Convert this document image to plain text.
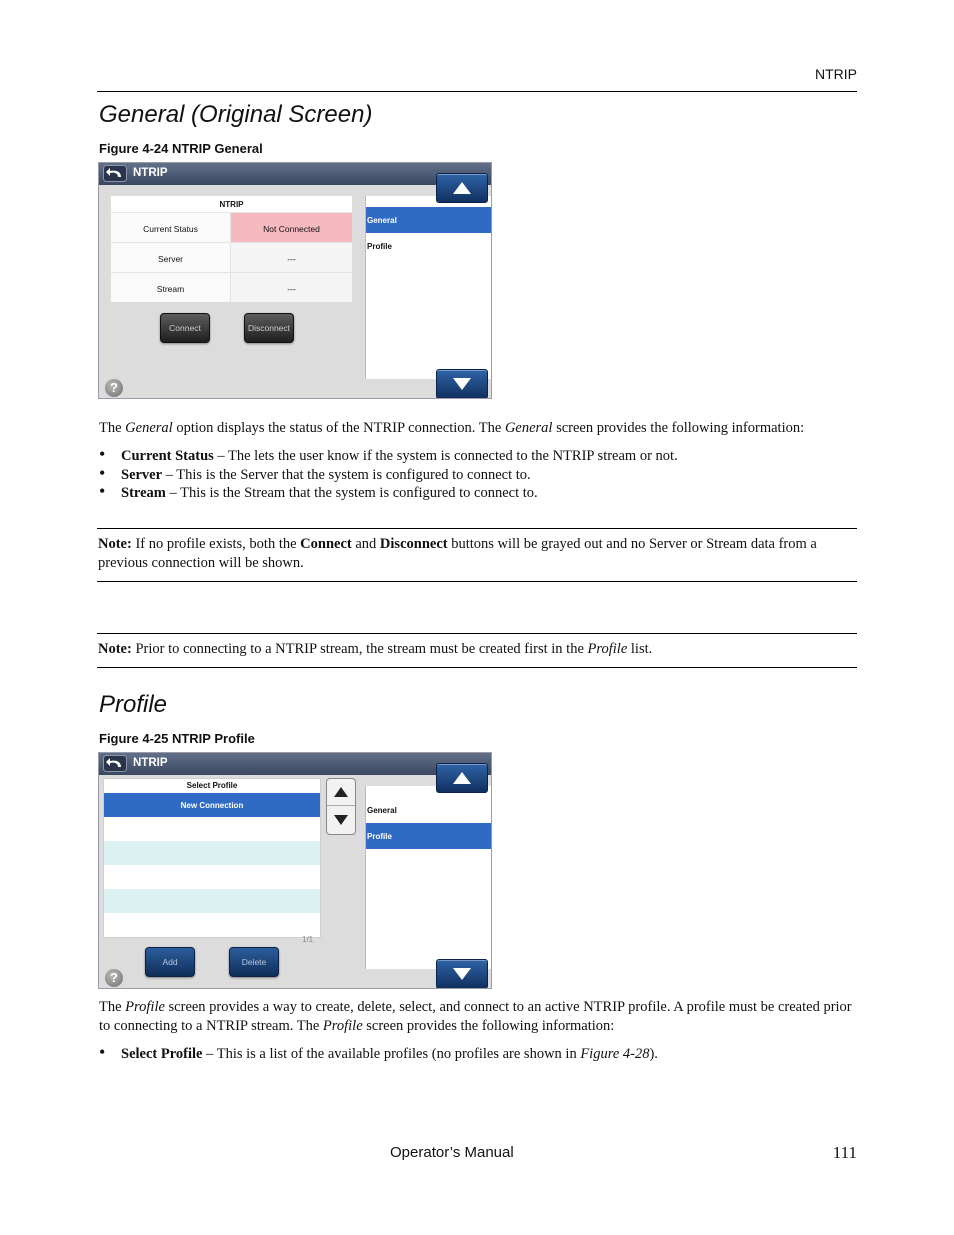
NTRIP
General (Original Screen)
Figure 4-24 NTRIP General
NTRIP
NTRIP
Current Status	Not Connected
Server	---
Stream	---
Connect	Disconnect
General
Profile
?
The General option displays the status of the NTRIP connection. The General screen provides the following information:
• Current Status – The lets the user know if the system is connected to the NTRIP stream or not.
• Server – This is the Server that the system is configured to connect to.
• Stream – This is the Stream that the system is configured to connect to.
Note: If no profile exists, both the Connect and Disconnect buttons will be grayed out and no Server or Stream data from a previous connection will be shown.
Note: Prior to connecting to a NTRIP stream, the stream must be created first in the Profile list.
Profile
Figure 4-25 NTRIP Profile
NTRIP
Select Profile
New Connection
1/1
Add	Delete
General
Profile
?
The Profile screen provides a way to create, delete, select, and connect to an active NTRIP profile. A profile must be created prior to connecting to a NTRIP stream. The Profile screen provides the following information:
• Select Profile – This is a list of the available profiles (no profiles are shown in Figure 4-28).
Operator’s Manual	111
